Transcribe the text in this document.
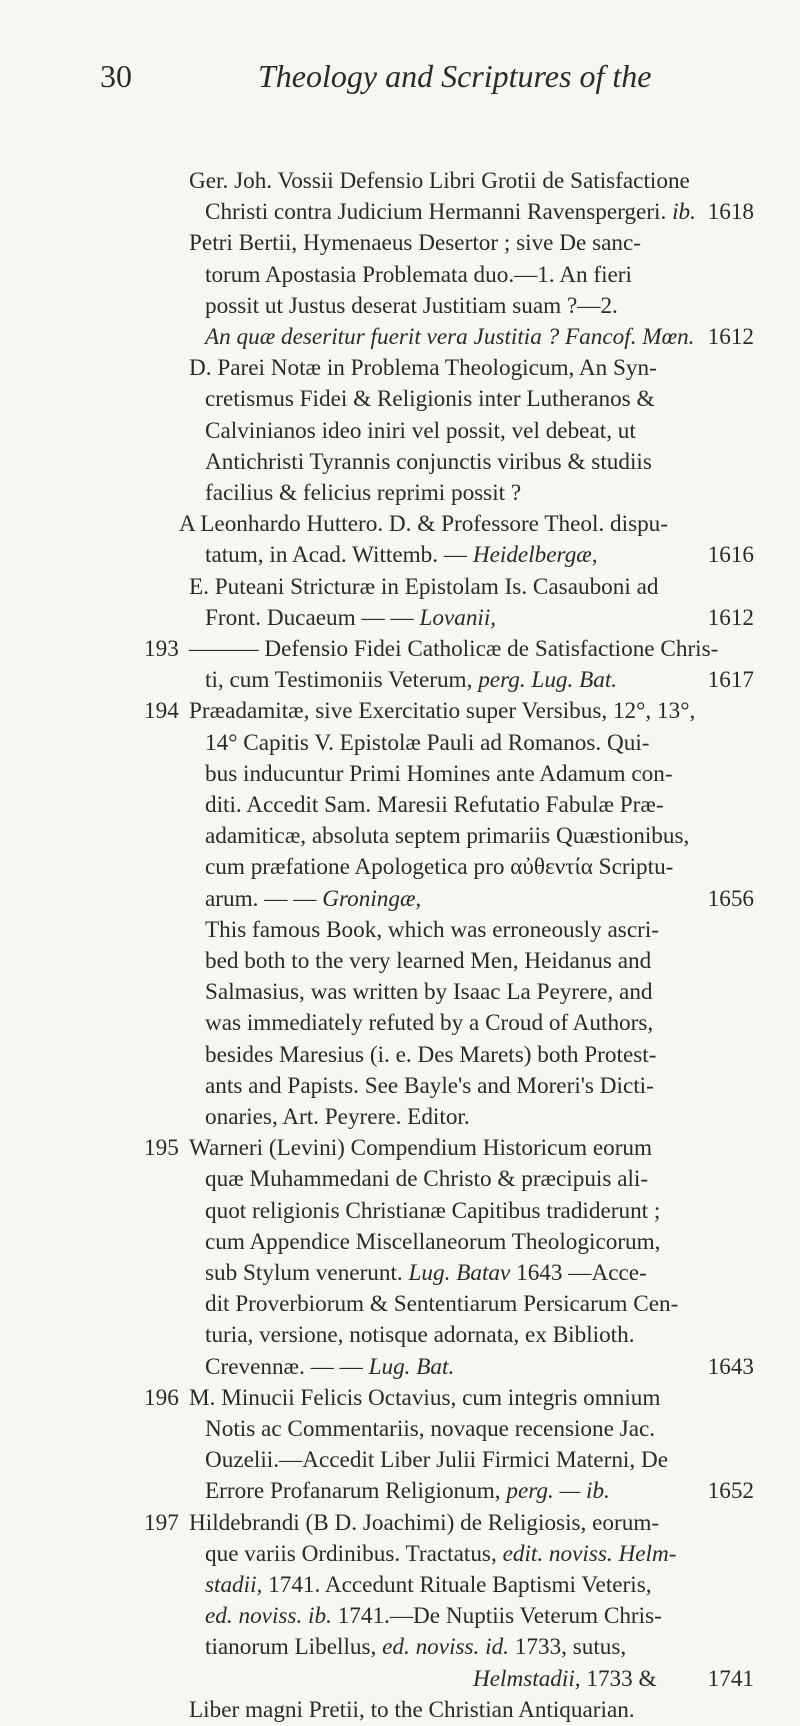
30	Theology and Scriptures of the
Ger. Joh. Vossii Defensio Libri Grotii de Satisfactione
Christi contra Judicium Hermanni Ravenspergeri. ib. 1618
Petri Bertii, Hymenaeus Desertor ; sive De sanc-
torum Apostasia Problemata duo.—1. An fieri
possit ut Justus deserat Justitiam suam ?—2.
An quæ deseritur fuerit vera Justitia ? Fancof. Mœn. 1612
D. Parei Notæ in Problema Theologicum, An Syn-
cretismus Fidei & Religionis inter Lutheranos &
Calvinianos ideo iniri vel possit, vel debeat, ut
Antichristi Tyrannis conjunctis viribus & studiis
facilius & felicius reprimi possit ?
A Leonhardo Huttero. D. & Professore Theol. dispu-
tatum, in Acad. Wittemb. — Heidelbergæ,	1616
E. Puteani Stricturæ in Epistolam Is. Casauboni ad
Front. Ducaeum — — Lovanii,	1612
193 ——— Defensio Fidei Catholicæ de Satisfactione Chris-
ti, cum Testimoniis Veterum, perg. Lug. Bat.	1617
194 Præadamitæ, sive Exercitatio super Versibus, 12°, 13°,
14° Capitis V. Epistolæ Pauli ad Romanos. Qui-
bus inducuntur Primi Homines ante Adamum con-
diti. Accedit Sam. Maresii Refutatio Fabulæ Præ-
adamiticæ, absoluta septem primariis Quæstionibus,
cum præfatione Apologetica pro αὐθεντία Scriptu-
arum. — — Groningæ,	1656
This famous Book, which was erroneously ascri-
bed both to the very learned Men, Heidanus and
Salmasius, was written by Isaac La Peyrere, and
was immediately refuted by a Croud of Authors,
besides Maresius (i. e. Des Marets) both Protest-
ants and Papists. See Bayle's and Moreri's Dicti-
onaries, Art. Peyrere. Editor.
195 Warneri (Levini) Compendium Historicum eorum
quæ Muhammedani de Christo & præcipuis ali-
quot religionis Christianæ Capitibus tradiderunt ;
cum Appendice Miscellaneorum Theologicorum,
sub Stylum venerunt. Lug. Batav 1643 —Acce-
dit Proverbiorum & Sententiarum Persicarum Cen-
turia, versione, notisque adornata, ex Biblioth.
Crevennæ. — — Lug. Bat.	1643
196 M. Minucii Felicis Octavius, cum integris omnium
Notis ac Commentariis, novaque recensione Jac.
Ouzelii.—Accedit Liber Julii Firmici Materni, De
Errore Profanarum Religionum, perg. — ib.	1652
197 Hildebrandi (B D. Joachimi) de Religiosis, eorum-
que variis Ordinibus. Tractatus, edit. noviss. Helm-
stadii, 1741. Accedunt Rituale Baptismi Veteris,
ed. noviss. ib. 1741.—De Nuptiis Veterum Chris-
tianorum Libellus, ed. noviss. id. 1733, sutus,
Helmstadii, 1733 & 1741
Liber magni Pretii, to the Christian Antiquarian.
